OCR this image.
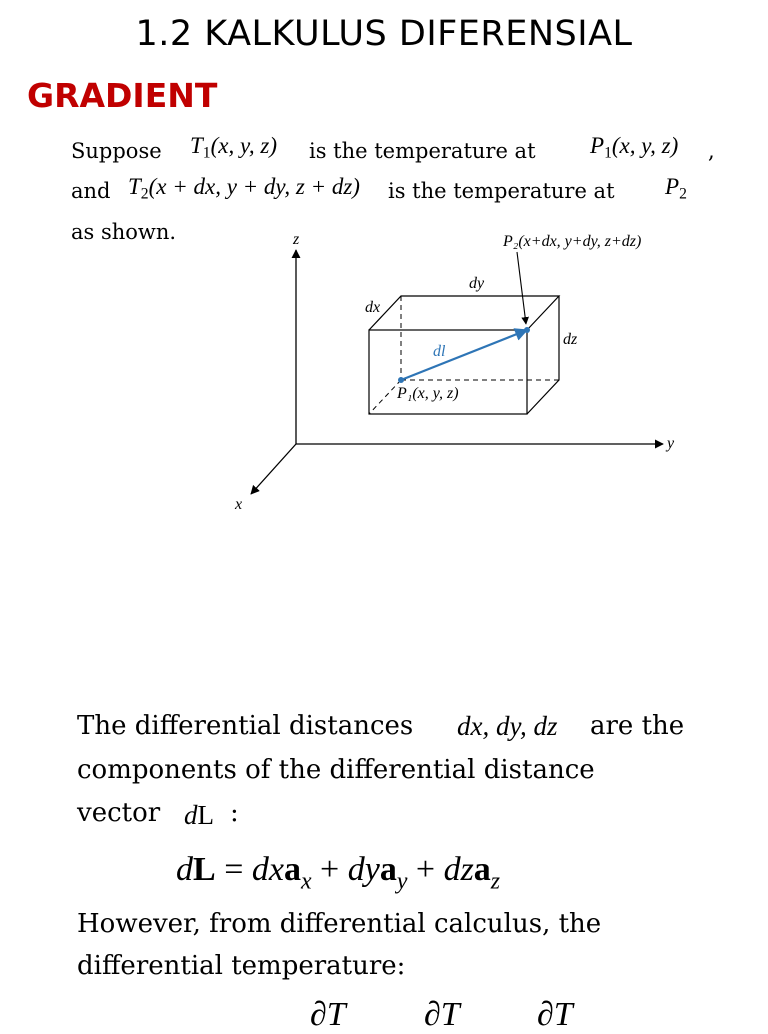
1.2 KALKULUS DIFERENSIAL
GRADIENT
Suppose $T_1(x$, y, z) is the temperature at $P_1(x$, y, z) ,
and $T_2(x$ + dx, y + dy, z + dz) is the temperature at $P_2$
as shown.	z
y
x
dx
dy
dz
dl
P₁(x, y, z)
P₂(x+dx, y+dy, z+dz)
The differential distances dx, dy, dz are the
components of the differential distance
vector dL :
dL = dxa$_x$ + dya$_y$ + dza$_z$
However, from differential calculus, the
differential temperature:
∂T ∂T ∂T
